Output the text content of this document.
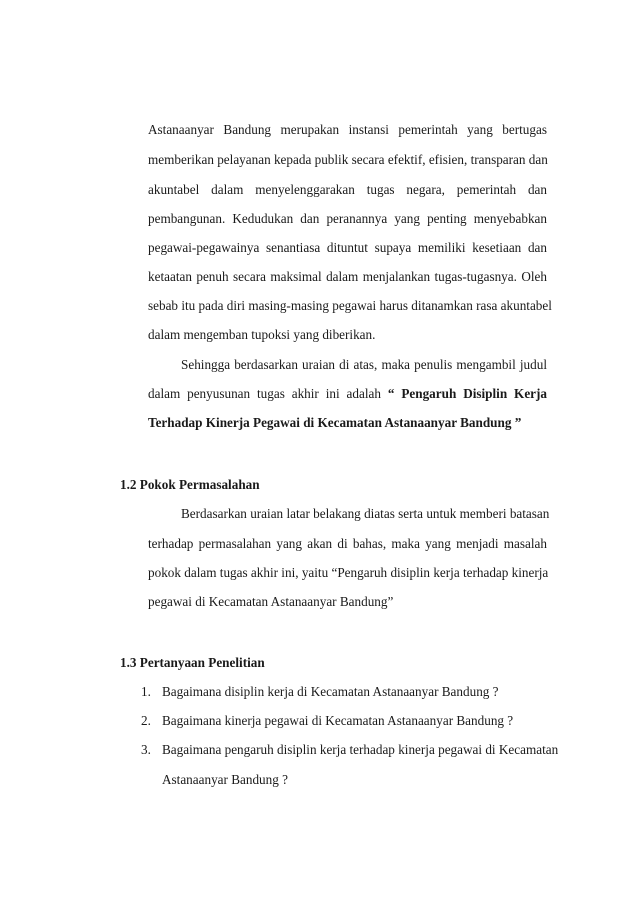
Astanaanyar Bandung merupakan instansi pemerintah yang bertugas
memberikan pelayanan kepada publik secara efektif, efisien, transparan dan
akuntabel dalam menyelenggarakan tugas negara, pemerintah dan
pembangunan. Kedudukan dan peranannya yang penting menyebabkan
pegawai-pegawainya senantiasa dituntut supaya memiliki kesetiaan dan
ketaatan penuh secara maksimal dalam menjalankan tugas-tugasnya. Oleh
sebab itu pada diri masing-masing pegawai harus ditanamkan rasa akuntabel
dalam mengemban tupoksi yang diberikan.
Sehingga berdasarkan uraian di atas, maka penulis mengambil judul
dalam penyusunan tugas akhir ini adalah “ Pengaruh Disiplin Kerja
Terhadap Kinerja Pegawai di Kecamatan Astanaanyar Bandung ”
1.2 Pokok Permasalahan
Berdasarkan uraian latar belakang diatas serta untuk memberi batasan
terhadap permasalahan yang akan di bahas, maka yang menjadi masalah
pokok dalam tugas akhir ini, yaitu “Pengaruh disiplin kerja terhadap kinerja
pegawai di Kecamatan Astanaanyar Bandung”
1.3 Pertanyaan Penelitian
1. Bagaimana disiplin kerja di Kecamatan Astanaanyar Bandung ?
2. Bagaimana kinerja pegawai di Kecamatan Astanaanyar Bandung ?
3. Bagaimana pengaruh disiplin kerja terhadap kinerja pegawai di Kecamatan
Astanaanyar Bandung ?
